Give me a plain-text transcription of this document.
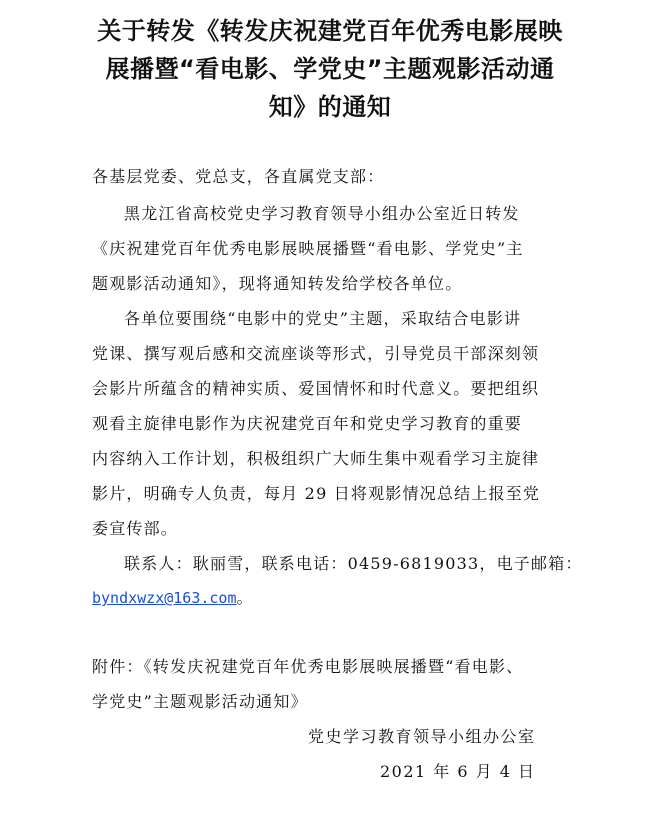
关于转发《转发庆祝建党百年优秀电影展映
展播暨“看电影、学党史”主题观影活动通
知》的通知
各基层党委、党总支，各直属党支部：
黑龙江省高校党史学习教育领导小组办公室近日转发
《庆祝建党百年优秀电影展映展播暨“看电影、学党史”主
题观影活动通知》，现将通知转发给学校各单位。
各单位要围绕“电影中的党史”主题，采取结合电影讲
党课、撰写观后感和交流座谈等形式，引导党员干部深刻领
会影片所蕴含的精神实质、爱国情怀和时代意义。要把组织
观看主旋律电影作为庆祝建党百年和党史学习教育的重要
内容纳入工作计划，积极组织广大师生集中观看学习主旋律
影片，明确专人负责，每月 29 日将观影情况总结上报至党
委宣传部。
联系人：耿丽雪，联系电话：0459-6819033，电子邮箱：
byndxwzx@163.com。
附件：《转发庆祝建党百年优秀电影展映展播暨“看电影、
学党史”主题观影活动通知》
党史学习教育领导小组办公室
2021 年 6 月 4 日
